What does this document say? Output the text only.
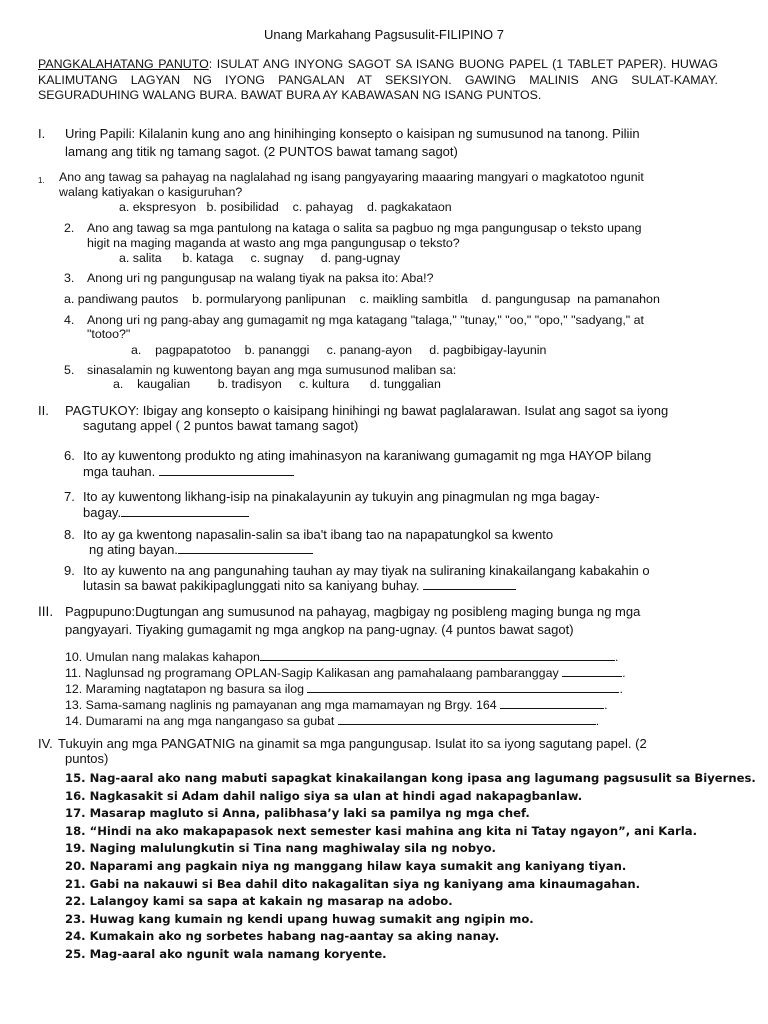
Unang Markahang Pagsusulit-FILIPINO 7
PANGKALAHATANG PANUTO: ISULAT ANG INYONG SAGOT SA ISANG BUONG PAPEL (1 TABLET PAPER). HUWAG KALIMUTANG LAGYAN NG IYONG PANGALAN AT SEKSIYON. GAWING MALINIS ANG SULAT-KAMAY. SEGURADUHING WALANG BURA. BAWAT BURA AY KABAWASAN NG ISANG PUNTOS.
I. Uring Papili: Kilalanin kung ano ang hinihinging konsepto o kaisipan ng sumusunod na tanong. Piliin
lamang ang titik ng tamang sagot. (2 PUNTOS bawat tamang sagot)
1. Ano ang tawag sa pahayag na naglalahad ng isang pangyayaring maaaring mangyari o magkatotoo ngunit
walang katiyakan o kasiguruhan?
a. ekspresyon   b. posibilidad    c. pahayag    d. pagkakataon
2. Ano ang tawag sa mga pantulong na kataga o salita sa pagbuo ng mga pangungusap o teksto upang
higit na maging maganda at wasto ang mga pangungusap o teksto?
a. salita      b. kataga     c. sugnay     d. pang-ugnay
3. Anong uri ng pangungusap na walang tiyak na paksa ito: Aba!?
a. pandiwang pautos    b. pormularyong panlipunan    c. maikling sambitla    d. pangungusap  na pamanahon
4. Anong uri ng pang-abay ang gumagamit ng mga katagang "talaga," "tunay," "oo," "opo," "sadyang," at
"totoo?"
a.    pagpapatotoo    b. pananggi     c. panang-ayon     d. pagbibigay-layunin
5. sinasalamin ng kuwentong bayan ang mga sumusunod maliban sa:
a.    kaugalian        b. tradisyon     c. kultura      d. tunggalian
II. PAGTUKOY: Ibigay ang konsepto o kaisipang hinihingi ng bawat paglalarawan. Isulat ang sagot sa iyong
sagutang appel ( 2 puntos bawat tamang sagot)
6. Ito ay kuwentong produkto ng ating imahinasyon na karaniwang gumagamit ng mga HAYOP bilang
mga tauhan.
7. Ito ay kuwentong likhang-isip na pinakalayunin ay tukuyin ang pinagmulan ng mga bagay-
bagay.
8. Ito ay ga kwentong napasalin-salin sa iba't ibang tao na napapatungkol sa kwento
ng ating bayan.
9. Ito ay kuwento na ang pangunahing tauhan ay may tiyak na suliraning kinakailangang kabakahin o
lutasin sa bawat pakikipaglunggati nito sa kaniyang buhay.
III. Pagpupuno:Dugtungan ang sumusunod na pahayag, magbigay ng posibleng maging bunga ng mga
pangyayari. Tiyaking gumagamit ng mga angkop na pang-ugnay. (4 puntos bawat sagot)
10. Umulan nang malakas kahapon	.
11. Naglunsad ng programang OPLAN-Sagip Kalikasan ang pamahalaang pambaranggay	.
12. Maraming nagtatapon ng basura sa ilog	.
13. Sama-samang naglinis ng pamayanan ang mga mamamayan ng Brgy. 164	.
14. Dumarami na ang mga nangangaso sa gubat	.
IV. Tukuyin ang mga PANGATNIG na ginamit sa mga pangungusap. Isulat ito sa iyong sagutang papel. (2
puntos)
15. Nag-aaral ako nang mabuti sapagkat kinakailangan kong ipasa ang lagumang pagsusulit sa Biyernes.
16. Nagkasakit si Adam dahil naligo siya sa ulan at hindi agad nakapagbanlaw.
17. Masarap magluto si Anna, palibhasa’y laki sa pamilya ng mga chef.
18. “Hindi na ako makapapasok next semester kasi mahina ang kita ni Tatay ngayon”, ani Karla.
19. Naging malulungkutin si Tina nang maghiwalay sila ng nobyo.
20. Naparami ang pagkain niya ng manggang hilaw kaya sumakit ang kaniyang tiyan.
21. Gabi na nakauwi si Bea dahil dito nakagalitan siya ng kaniyang ama kinaumagahan.
22. Lalangoy kami sa sapa at kakain ng masarap na adobo.
23. Huwag kang kumain ng kendi upang huwag sumakit ang ngipin mo.
24. Kumakain ako ng sorbetes habang nag-aantay sa aking nanay.
25. Mag-aaral ako ngunit wala namang koryente.
